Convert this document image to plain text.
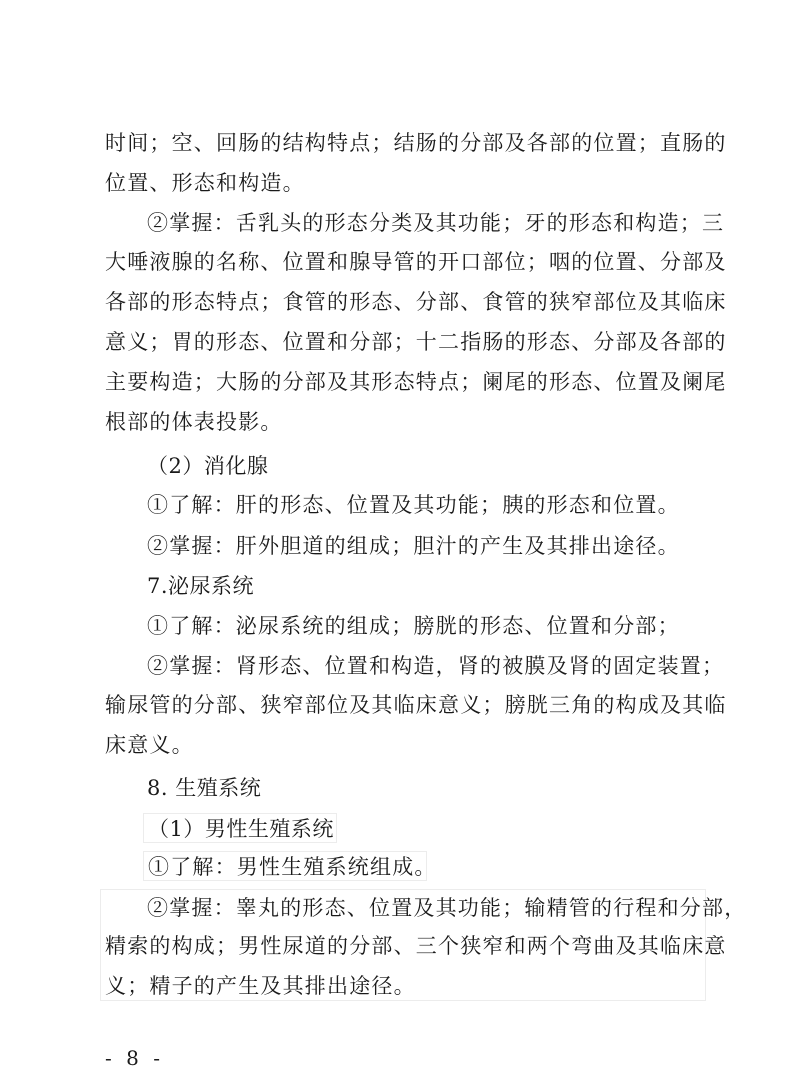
时间；空、回肠的结构特点；结肠的分部及各部的位置；直肠的
位置、形态和构造。
②掌握：舌乳头的形态分类及其功能；牙的形态和构造；三
大唾液腺的名称、位置和腺导管的开口部位；咽的位置、分部及
各部的形态特点；食管的形态、分部、食管的狭窄部位及其临床
意义；胃的形态、位置和分部；十二指肠的形态、分部及各部的
主要构造；大肠的分部及其形态特点；阑尾的形态、位置及阑尾
根部的体表投影。
（2）消化腺
①了解：肝的形态、位置及其功能；胰的形态和位置。
②掌握：肝外胆道的组成；胆汁的产生及其排出途径。
7.泌尿系统
①了解：泌尿系统的组成；膀胱的形态、位置和分部；
②掌握：肾形态、位置和构造，肾的被膜及肾的固定装置；
输尿管的分部、狭窄部位及其临床意义；膀胱三角的构成及其临
床意义。
8. 生殖系统
（1）男性生殖系统
①了解：男性生殖系统组成。
②掌握：睾丸的形态、位置及其功能；输精管的行程和分部，
精索的构成；男性尿道的分部、三个狭窄和两个弯曲及其临床意
义；精子的产生及其排出途径。
- 8 -
